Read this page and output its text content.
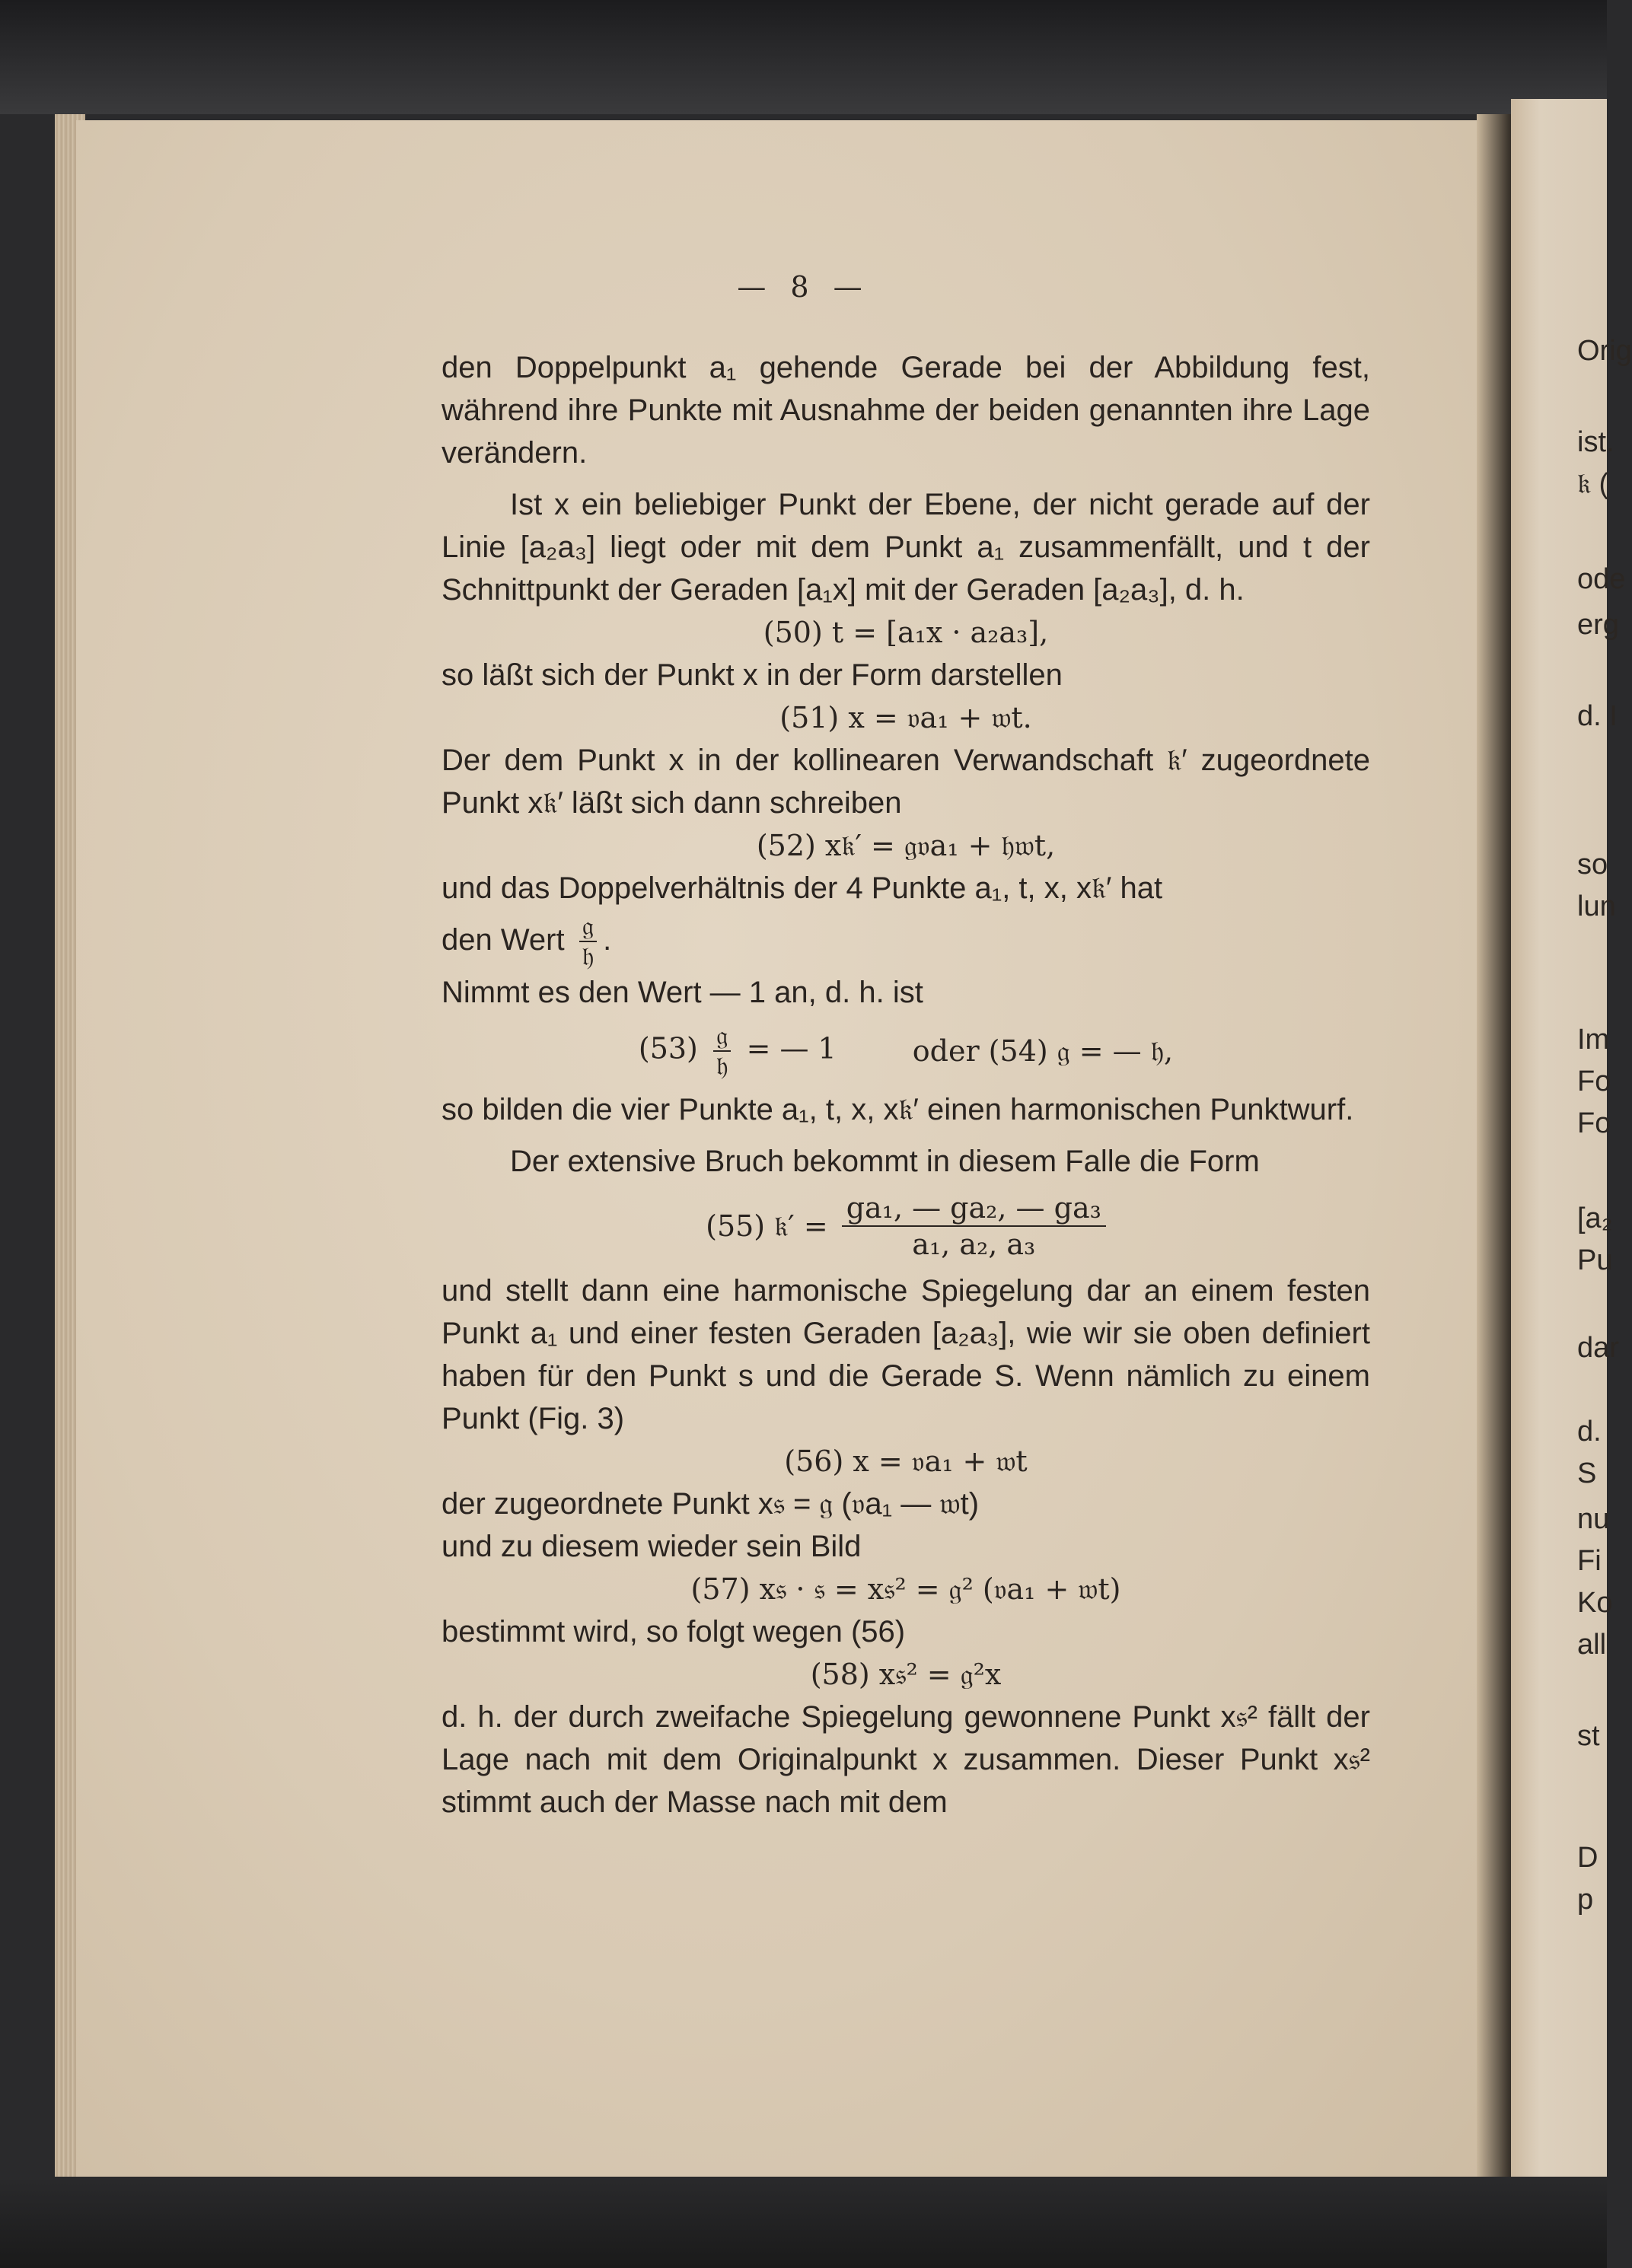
— 8 —

den Doppelpunkt a₁ gehende Gerade bei der Abbildung fest, während ihre Punkte mit Ausnahme der beiden genannten ihre Lage verändern.

Ist x ein beliebiger Punkt der Ebene, der nicht gerade auf der Linie [a₂a₃] liegt oder mit dem Punkt a₁ zusammenfällt, und t der Schnittpunkt der Geraden [a₁x] mit der Geraden [a₂a₃], d. h.

(50) t = [a₁x · a₂a₃],

so läßt sich der Punkt x in der Form darstellen

(51) x = 𝔳a₁ + 𝔴t.

Der dem Punkt x in der kollinearen Verwandschaft 𝔨′ zugeordnete Punkt x𝔨′ läßt sich dann schreiben

(52) x𝔨′ = 𝔤𝔳a₁ + 𝔥𝔴t,

und das Doppelverhältnis der 4 Punkte a₁, t, x, x𝔨′ hat

den Wert $\frac{\text{𝔤}}{\text{𝔥}}$ .

Nimmt es den Wert — 1 an, d. h. ist

$(53) \frac{\text{𝔤}}{\text{𝔥}}$ = — 1	oder (54) 𝔤 = — 𝔥,

so bilden die vier Punkte a₁, t, x, x𝔨′ einen harmonischen Punktwurf.

Der extensive Bruch bekommt in diesem Falle die Form

(55) 𝔨′ = $\frac{\text{ga₁, — ga₂, — ga₃}}{\text{a₁, a₂, a₃}}$

und stellt dann eine harmonische Spiegelung dar an einem festen Punkt a₁ und einer festen Geraden [a₂a₃], wie wir sie oben definiert haben für den Punkt s und die Gerade S. Wenn nämlich zu einem Punkt (Fig. 3)

(56) x = 𝔳a₁ + 𝔴t

der zugeordnete Punkt x𝔰 = 𝔤 (𝔳a₁ — 𝔴t)

und zu diesem wieder sein Bild

(57) x𝔰 · 𝔰 = x𝔰² = 𝔤² (𝔳a₁ + 𝔴t)

bestimmt wird, so folgt wegen (56)

(58) x𝔰² = 𝔤²x

d. h. der durch zweifache Spiegelung gewonnene Punkt x𝔰² fällt der Lage nach mit dem Originalpunkt x zusammen. Dieser Punkt x𝔰² stimmt auch der Masse nach mit dem

Orig
ist.
𝔨 (
ode
erg
d. I
so
lun
Im
Fo
Fo
[a₂
Pu
dar
d.
S
nu
Fi
Ko
all
st
D
p
